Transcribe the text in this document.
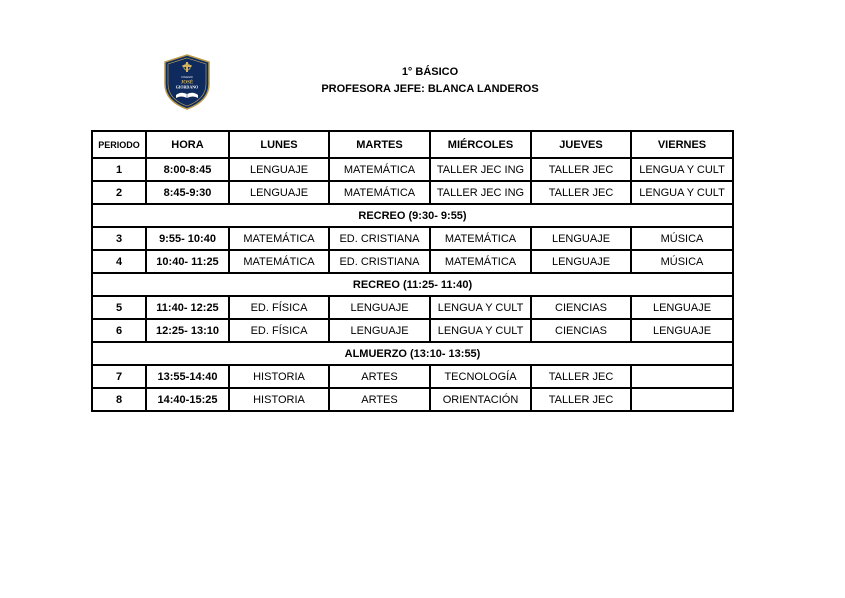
COLEGIO
JOSÉ
GIORDANO
1° BÁSICO
PROFESORA JEFE: BLANCA LANDEROS
PERIODO	HORA	LUNES	MARTES	MIÉRCOLES	JUEVES	VIERNES
1	8:00-8:45	LENGUAJE	MATEMÁTICA	TALLER JEC ING	TALLER JEC	LENGUA Y CULT
2	8:45-9:30	LENGUAJE	MATEMÁTICA	TALLER JEC ING	TALLER JEC	LENGUA Y CULT
RECREO (9:30- 9:55)						
3	9:55- 10:40	MATEMÁTICA	ED. CRISTIANA	MATEMÁTICA	LENGUAJE	MÚSICA
4	10:40- 11:25	MATEMÁTICA	ED. CRISTIANA	MATEMÁTICA	LENGUAJE	MÚSICA
RECREO (11:25- 11:40)						
5	11:40- 12:25	ED. FÍSICA	LENGUAJE	LENGUA Y CULT	CIENCIAS	LENGUAJE
6	12:25- 13:10	ED. FÍSICA	LENGUAJE	LENGUA Y CULT	CIENCIAS	LENGUAJE
ALMUERZO (13:10- 13:55)						
7	13:55-14:40	HISTORIA	ARTES	TECNOLOGÍA	TALLER JEC	
8	14:40-15:25	HISTORIA	ARTES	ORIENTACIÓN	TALLER JEC	
